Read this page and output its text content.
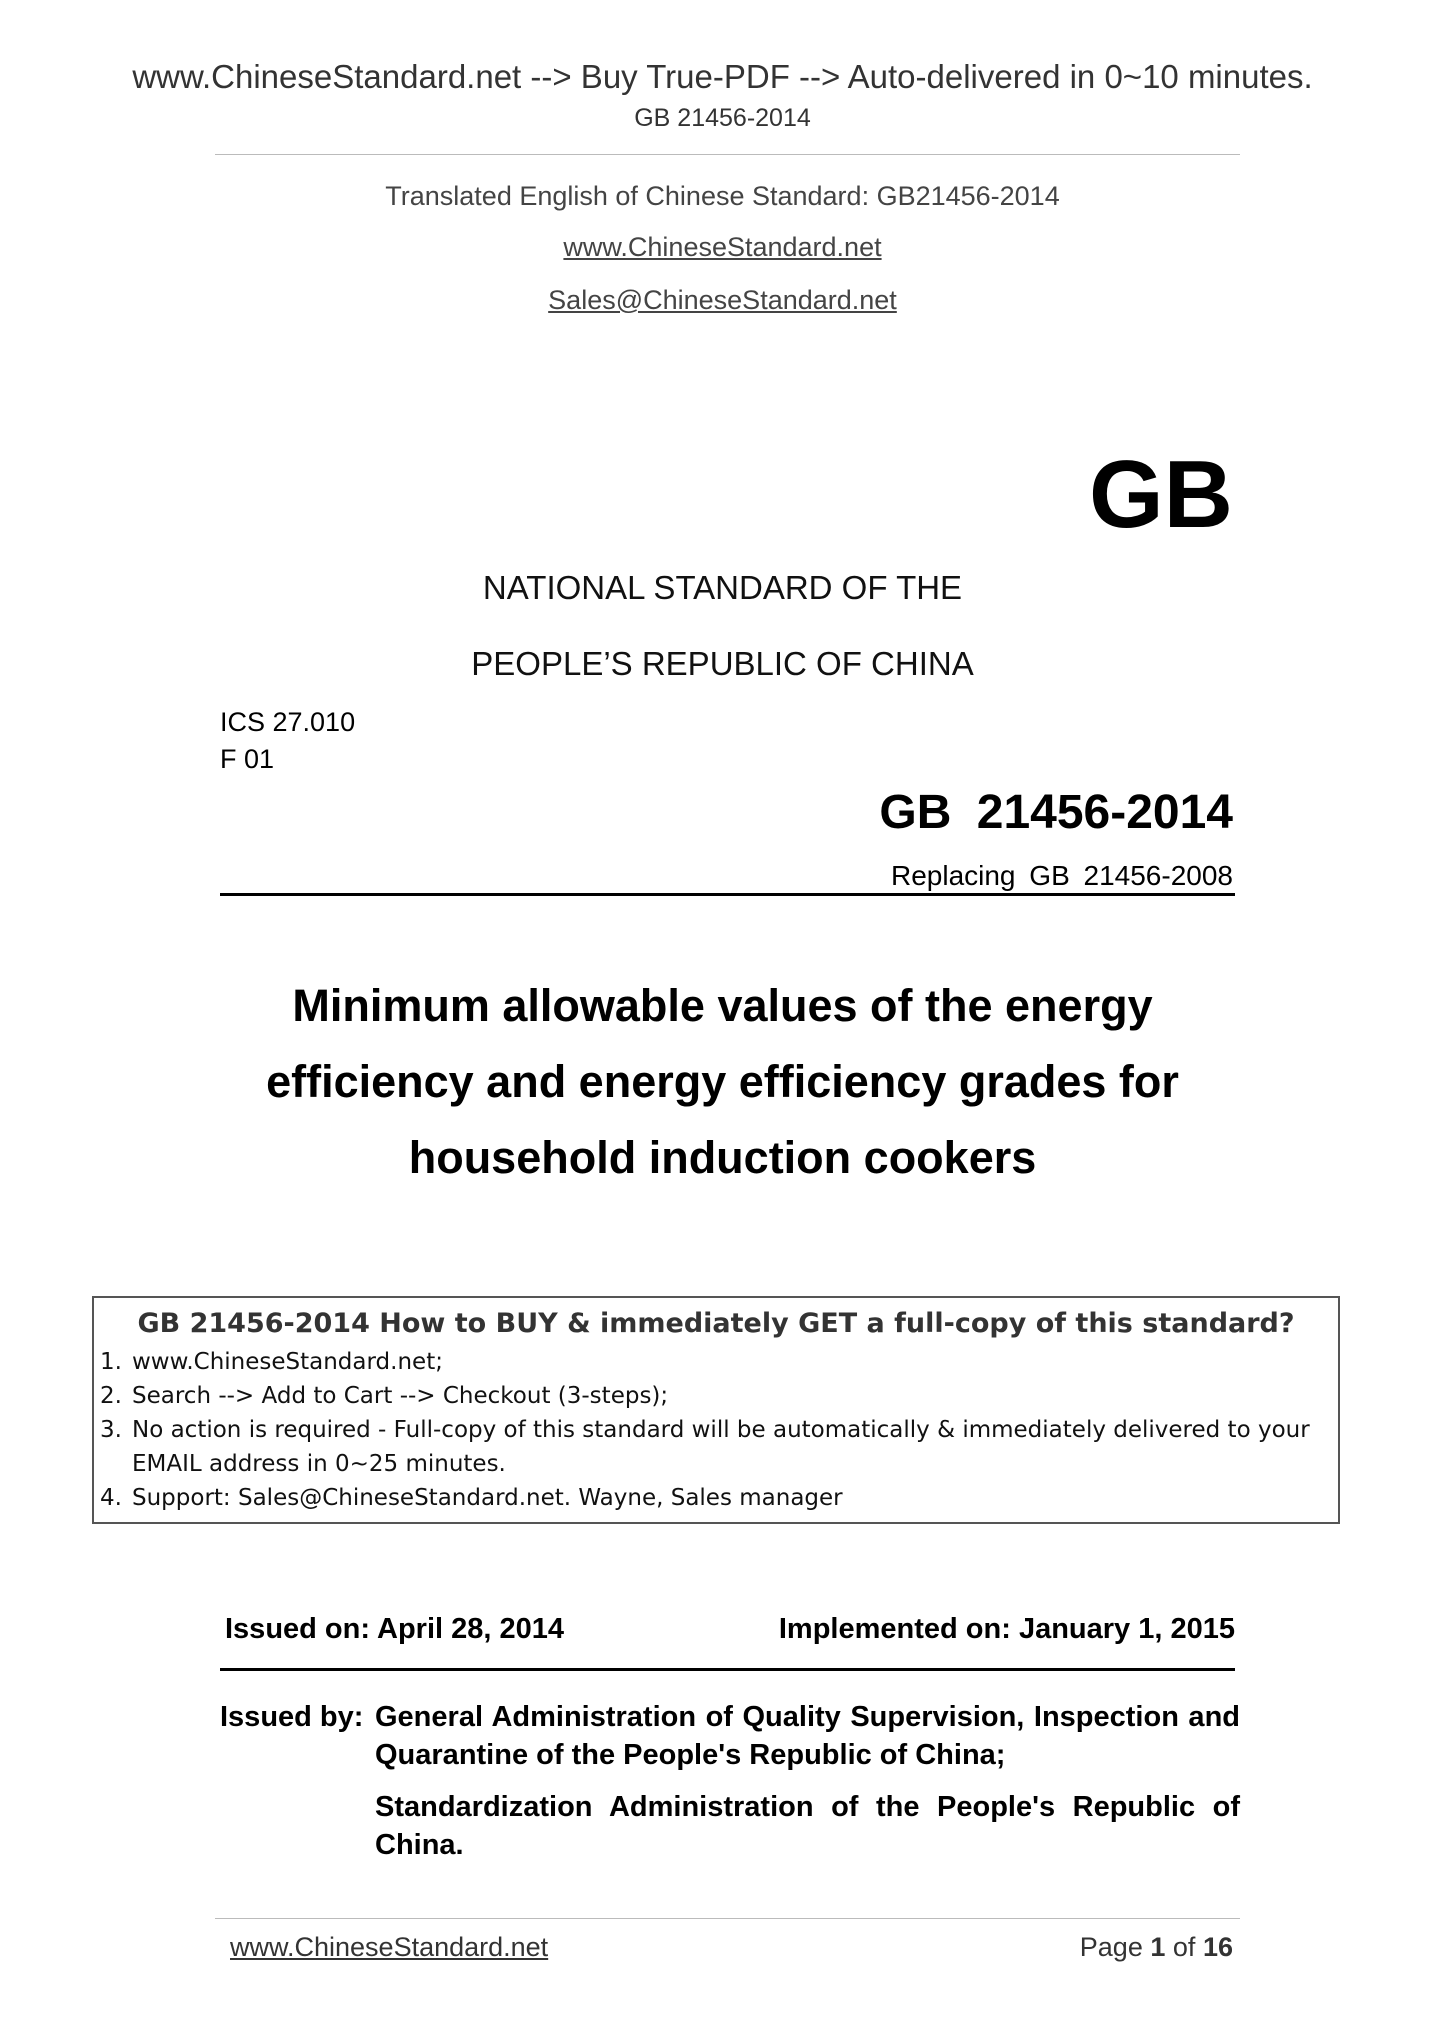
www.ChineseStandard.net --> Buy True-PDF --> Auto-delivered in 0~10 minutes.
GB 21456-2014
Translated English of Chinese Standard: GB21456-2014
www.ChineseStandard.net
Sales@ChineseStandard.net
GB
NATIONAL STANDARD OF THE
PEOPLE’S REPUBLIC OF CHINA
ICS 27.010
F 01
GB 21456-2014
Replacing GB 21456-2008
Minimum allowable values of the energy
efficiency and energy efficiency grades for
household induction cookers
GB 21456-2014 How to BUY & immediately GET a full-copy of this standard?
1. www.ChineseStandard.net;
2. Search --> Add to Cart --> Checkout (3-steps);
3. No action is required - Full-copy of this standard will be automatically & immediately delivered to your EMAIL address in 0~25 minutes.
4. Support: Sales@ChineseStandard.net. Wayne, Sales manager
Issued on: April 28, 2014	Implemented on: January 1, 2015
Issued by: General Administration of Quality Supervision, Inspection and Quarantine of the People's Republic of China;

Standardization Administration of the People's Republic of China.

www.ChineseStandard.net	Page 1 of 16
